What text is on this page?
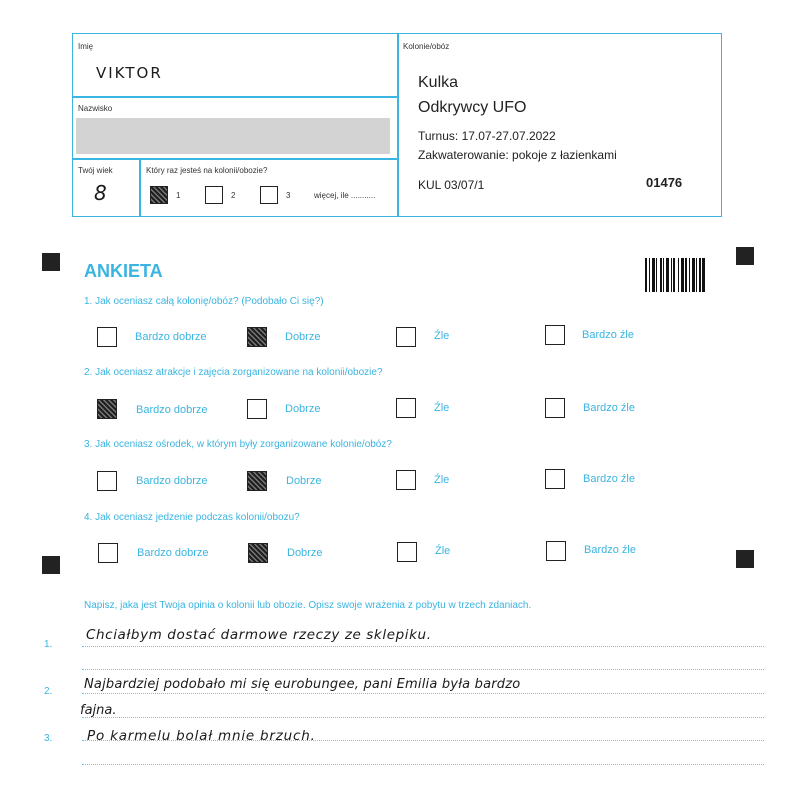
Imię
VIKTOR
Nazwisko
Twój wiek
8
Który raz jesteś na kolonii/obozie?
1	2	3	więcej, ile ...........
Kolonie/obóz
Kulka
Odkrywcy UFO
Turnus: 17.07-27.07.2022
Zakwaterowanie: pokoje z łazienkami
KUL 03/07/1	01476
ANKIETA
1. Jak oceniasz całą kolonię/obóz? (Podobało Ci się?)
Bardzo dobrze	Dobrze	Źle	Bardzo źle
2. Jak oceniasz atrakcje i zajęcia zorganizowane na kolonii/obozie?
Bardzo dobrze	Dobrze	Źle	Bardzo źle
3. Jak oceniasz ośrodek, w którym były zorganizowane kolonie/obóz?
Bardzo dobrze	Dobrze	Źle	Bardzo źle
4. Jak oceniasz jedzenie podczas kolonii/obozu?
Bardzo dobrze	Dobrze	Źle	Bardzo źle
Napisz, jaka jest Twoja opinia o kolonii lub obozie. Opisz swoje wrażenia z pobytu w trzech zdaniach.
1.
2.
3.
Chciałbym dostać darmowe rzeczy ze sklepiku.
Najbardziej podobało mi się eurobungee, pani Emilia była bardzo
fajna.
Po karmelu bolał mnie brzuch.
